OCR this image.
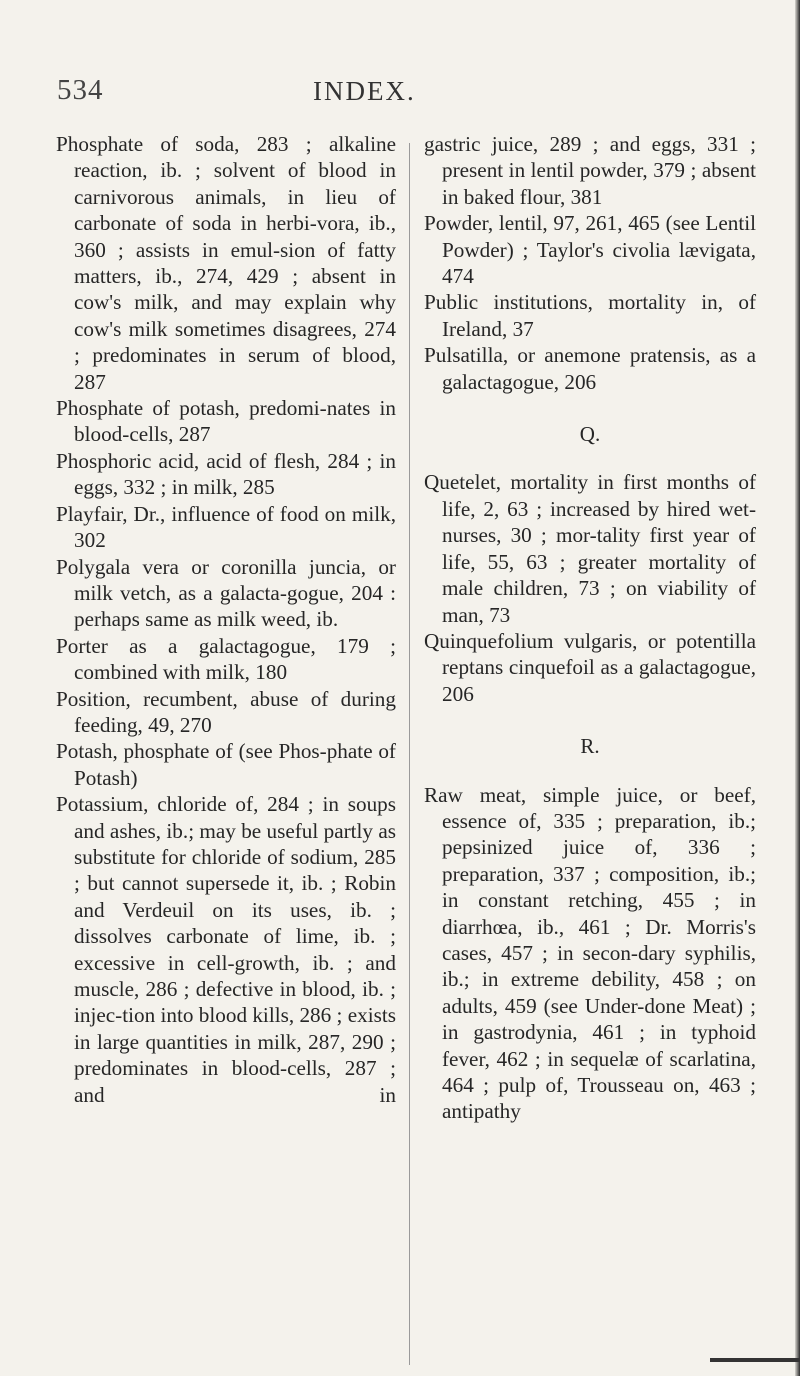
534	INDEX.

Phosphate of soda, 283 ; alkaline reaction, ib. ; solvent of blood in carnivorous animals, in lieu of carbonate of soda in herbi-vora, ib., 360 ; assists in emul-sion of fatty matters, ib., 274, 429 ; absent in cow's milk, and may explain why cow's milk sometimes disagrees, 274 ; predominates in serum of blood, 287

Phosphate of potash, predomi-nates in blood-cells, 287

Phosphoric acid, acid of flesh, 284 ; in eggs, 332 ; in milk, 285

Playfair, Dr., influence of food on milk, 302

Polygala vera or coronilla juncia, or milk vetch, as a galacta-gogue, 204 : perhaps same as milk weed, ib.

Porter as a galactagogue, 179 ; combined with milk, 180

Position, recumbent, abuse of during feeding, 49, 270

Potash, phosphate of (see Phos-phate of Potash)

Potassium, chloride of, 284 ; in soups and ashes, ib.; may be useful partly as substitute for chloride of sodium, 285 ; but cannot supersede it, ib. ; Robin and Verdeuil on its uses, ib. ; dissolves carbonate of lime, ib. ; excessive in cell-growth, ib. ; and muscle, 286 ; defective in blood, ib. ; injec-tion into blood kills, 286 ; exists in large quantities in milk, 287, 290 ; predominates in blood-cells, 287 ; and in

gastric juice, 289 ; and eggs, 331 ; present in lentil powder, 379 ; absent in baked flour, 381

Powder, lentil, 97, 261, 465 (see Lentil Powder) ; Taylor's civolia lævigata, 474

Public institutions, mortality in, of Ireland, 37

Pulsatilla, or anemone pratensis, as a galactagogue, 206

Q.

Quetelet, mortality in first months of life, 2, 63 ; increased by hired wet-nurses, 30 ; mor-tality first year of life, 55, 63 ; greater mortality of male children, 73 ; on viability of man, 73

Quinquefolium vulgaris, or potentilla reptans cinquefoil as a galactagogue, 206

R.

Raw meat, simple juice, or beef, essence of, 335 ; preparation, ib.; pepsinized juice of, 336 ; preparation, 337 ; composition, ib.; in constant retching, 455 ; in diarrhœa, ib., 461 ; Dr. Morris's cases, 457 ; in secon-dary syphilis, ib.; in extreme debility, 458 ; on adults, 459 (see Under-done Meat) ; in gastrodynia, 461 ; in typhoid fever, 462 ; in sequelæ of scarlatina, 464 ; pulp of, Trousseau on, 463 ; antipathy
